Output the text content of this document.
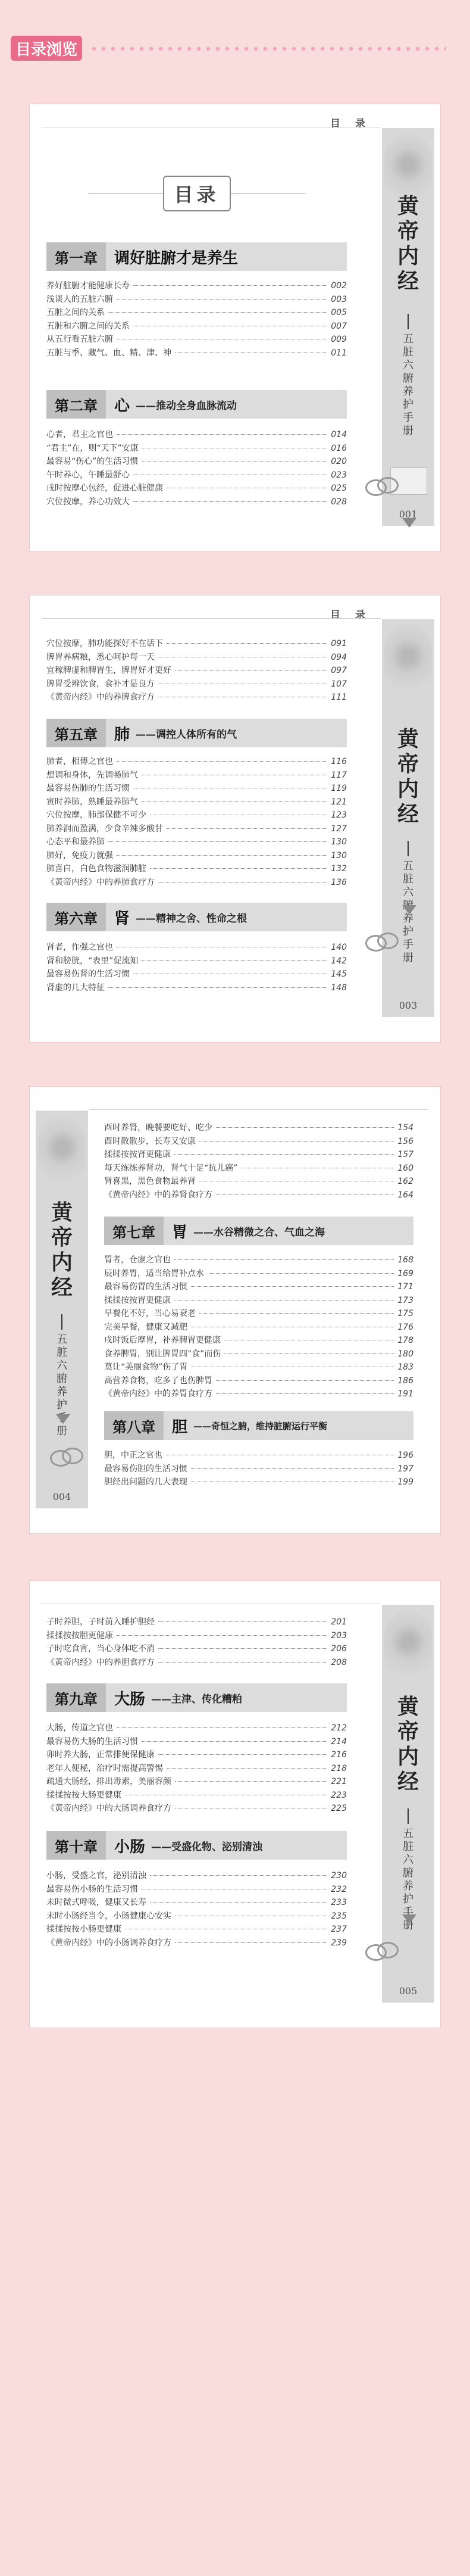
目录浏览
目　录
黄帝内经
五脏六腑养护手册
001
目录
第一章	调好脏腑才是养生
养好脏腑才能健康长寿	002
浅谈人的五脏六腑	003
五脏之间的关系	005
五脏和六腑之间的关系	007
从五行看五脏六腑	009
五脏与季、藏气、血、精、津、神	011
第二章	心 ——推动全身血脉流动
心者，君主之官也	014
“君主”在，则“天下”安康	016
最容易“伤心”的生活习惯	020
午时养心，午睡最舒心	023
戌时按摩心包经，促进心脏健康	025
穴位按摩，养心功效大	028
目　录
黄帝内经
五脏六腑养护手册
003
穴位按摩，肺功能探好不在话下	091
脾胃养病粮，悉心呵护每一天	094
宜稼脾虚和脾胃生，脾胃好才更好	097
脾胃受辨饮食，食补才是良方	107
《黄帝内经》中的养脾食疗方	111
第五章	肺 ——调控人体所有的气
肺者，相傅之官也	116
想调和身体，先调畅肺气	117
最容易伤肺的生活习惯	119
寅时养肺，熟睡最养肺气	121
穴位按摩，肺部保健不可少	123
肺养润而盈满，少食辛辣多酸甘	127
心态平和最养肺	130
肺好，免疫力就强	130
肺喜白，白色食物滋润肺脏	132
《黄帝内经》中的养肺食疗方	136
第六章	肾 ——精神之舍、性命之根
肾者，作强之官也	140
肾和膀胱，“表里”促流知	142
最容易伤肾的生活习惯	145
肾虚的几大特征	148
黄帝内经
五脏六腑养护手册
004
酉时养肾，晚餐要吃好、吃少	154
酉时散散步，长寿又安康	156
揉揉按按肾更健康	157
每天练练养肾功，肾气十足“抗儿癌”	160
肾喜黑，黑色食物最养肾	162
《黄帝内经》中的养肾食疗方	164
第七章	胃 ——水谷精微之合、气血之海
胃者，仓廪之官也	168
辰时养胃，适当给胃补点水	169
最容易伤胃的生活习惯	171
揉揉按按胃更健康	173
早餐化不好，当心易衰老	175
完美早餐，健康又减肥	176
戌时饭后摩胃，补养脾胃更健康	178
食养脾胃，别让脾胃四“食”而伤	180
莫让“美丽食物”伤了胃	183
高营养食物，吃多了也伤脾胃	186
《黄帝内经》中的养胃食疗方	191
第八章	胆 ——奇恒之腑，维持脏腑运行平衡
胆，中正之官也	196
最容易伤胆的生活习惯	197
胆经出问题的几大表现	199
黄帝内经
五脏六腑养护手册
005
子时养胆，子时前入睡护胆经	201
揉揉按按胆更健康	203
子时吃食宵，当心身体吃不消	206
《黄帝内经》中的养胆食疗方	208
第九章	大肠 ——主津、传化糟粕
大肠，传道之官也	212
最容易伤大肠的生活习惯	214
卯时养大肠，正常排便保健康	216
老年人便秘，治疗时需提高警惕	218
疏通大肠经，排出毒素，美丽容颜	221
揉揉按按大肠更健康	223
《黄帝内经》中的大肠调养食疗方	225
第十章	小肠 ——受盛化物、泌别清浊
小肠，受盛之官，泌别清浊	230
最容易伤小肠的生活习惯	232
未时微式呼吸，健康又长寿	233
未时小肠经当令，小肠健康心安实	235
揉揉按按小肠更健康	237
《黄帝内经》中的小肠调养食疗方	239
